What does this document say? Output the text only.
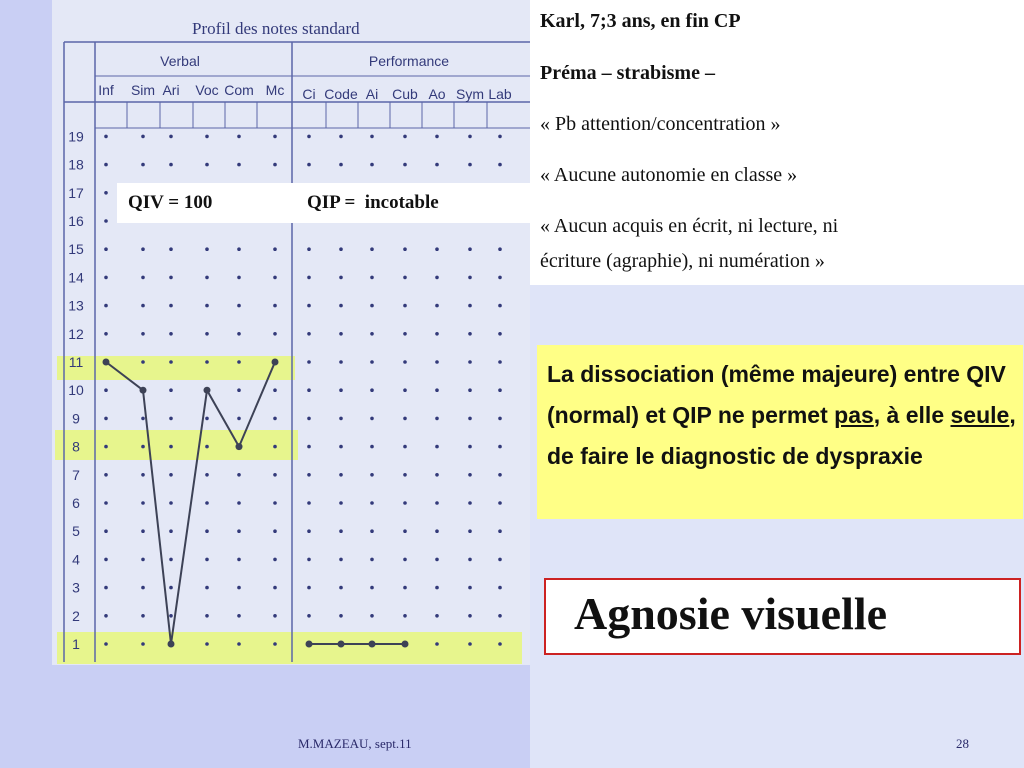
Profil des notes standard
Verbal	Performance
Inf Sim Ari Voc Com Mc Ci Code Ai Cub Ao Sym Lab
19
18
17
16
15
14
13
12
11
10
9
8
7
6
5
4
3
2
1
QIV = 100	QIP =  incotable
Karl, 7;3 ans, en fin CP
Préma – strabisme –
« Pb attention/concentration »
« Aucune autonomie en classe »
« Aucun acquis en écrit, ni lecture, ni
écriture (agraphie), ni numération »
La dissociation (même majeure) entre QIV (normal) et QIP ne permet pas, à elle seule, de faire le diagnostic de dyspraxie
Agnosie visuelle
M.MAZEAU, sept.11	28
